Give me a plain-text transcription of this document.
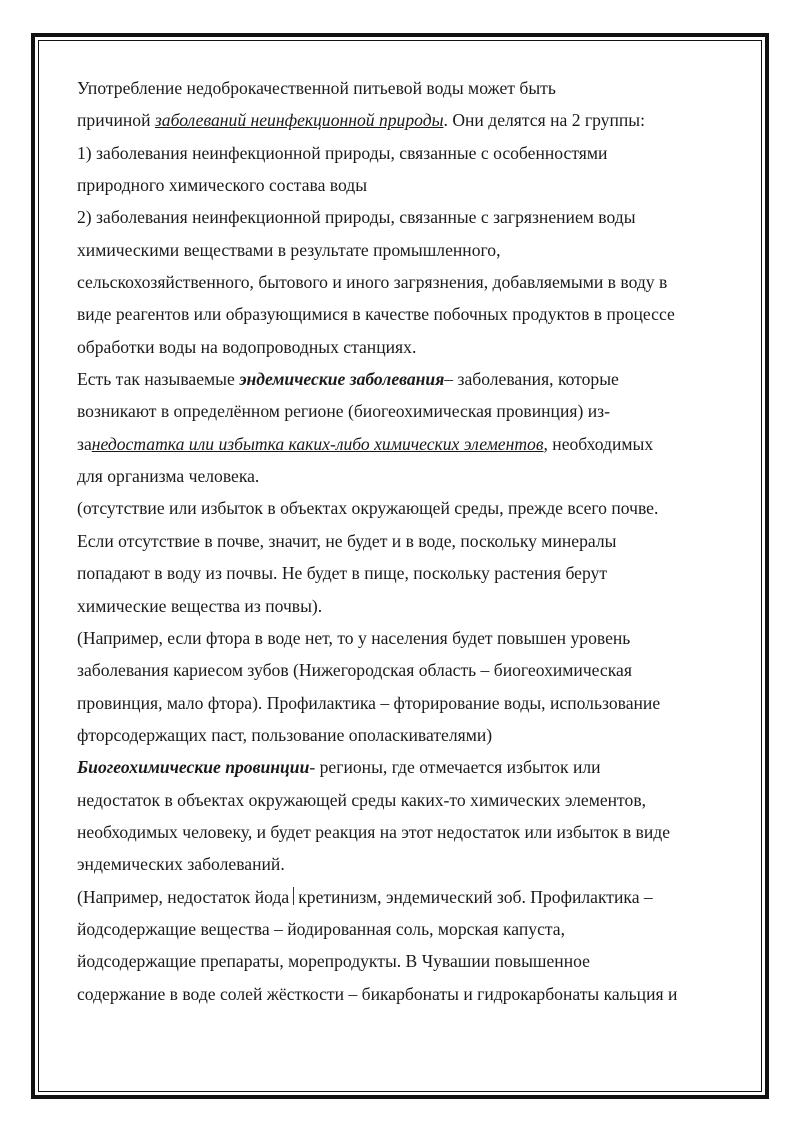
Употребление недоброкачественной питьевой воды может быть
причиной заболеваний неинфекционной природы. Они делятся на 2 группы:
1) заболевания неинфекционной природы, связанные с особенностями
природного химического состава воды
2) заболевания неинфекционной природы, связанные с загрязнением воды
химическими веществами в результате промышленного,
сельскохозяйственного, бытового и иного загрязнения, добавляемыми в воду в
виде реагентов или образующимися в качестве побочных продуктов в процессе
обработки воды на водопроводных станциях.
Есть так называемые эндемические заболевания– заболевания, которые
возникают в определённом регионе (биогеохимическая провинция) из-
занедостатка или избытка каких-либо химических элементов, необходимых
для организма человека.
(отсутствие или избыток в объектах окружающей среды, прежде всего почве.
Если отсутствие в почве, значит, не будет и в воде, поскольку минералы
попадают в воду из почвы. Не будет в пище, поскольку растения берут
химические вещества из почвы).
(Например, если фтора в воде нет, то у населения будет повышен уровень
заболевания кариесом зубов (Нижегородская область – биогеохимическая
провинция, мало фтора). Профилактика – фторирование воды, использование
фторсодержащих паст, пользование ополаскивателями)
Биогеохимические провинции- регионы, где отмечается избыток или
недостаток в объектах окружающей среды каких-то химических элементов,
необходимых человеку, и будет реакция на этот недостаток или избыток в виде
эндемических заболеваний.
(Например, недостаток йода кретинизм, эндемический зоб. Профилактика –
йодсодержащие вещества – йодированная соль, морская капуста,
йодсодержащие препараты, морепродукты. В Чувашии повышенное
содержание в воде солей жёсткости – бикарбонаты и гидрокарбонаты кальция и
